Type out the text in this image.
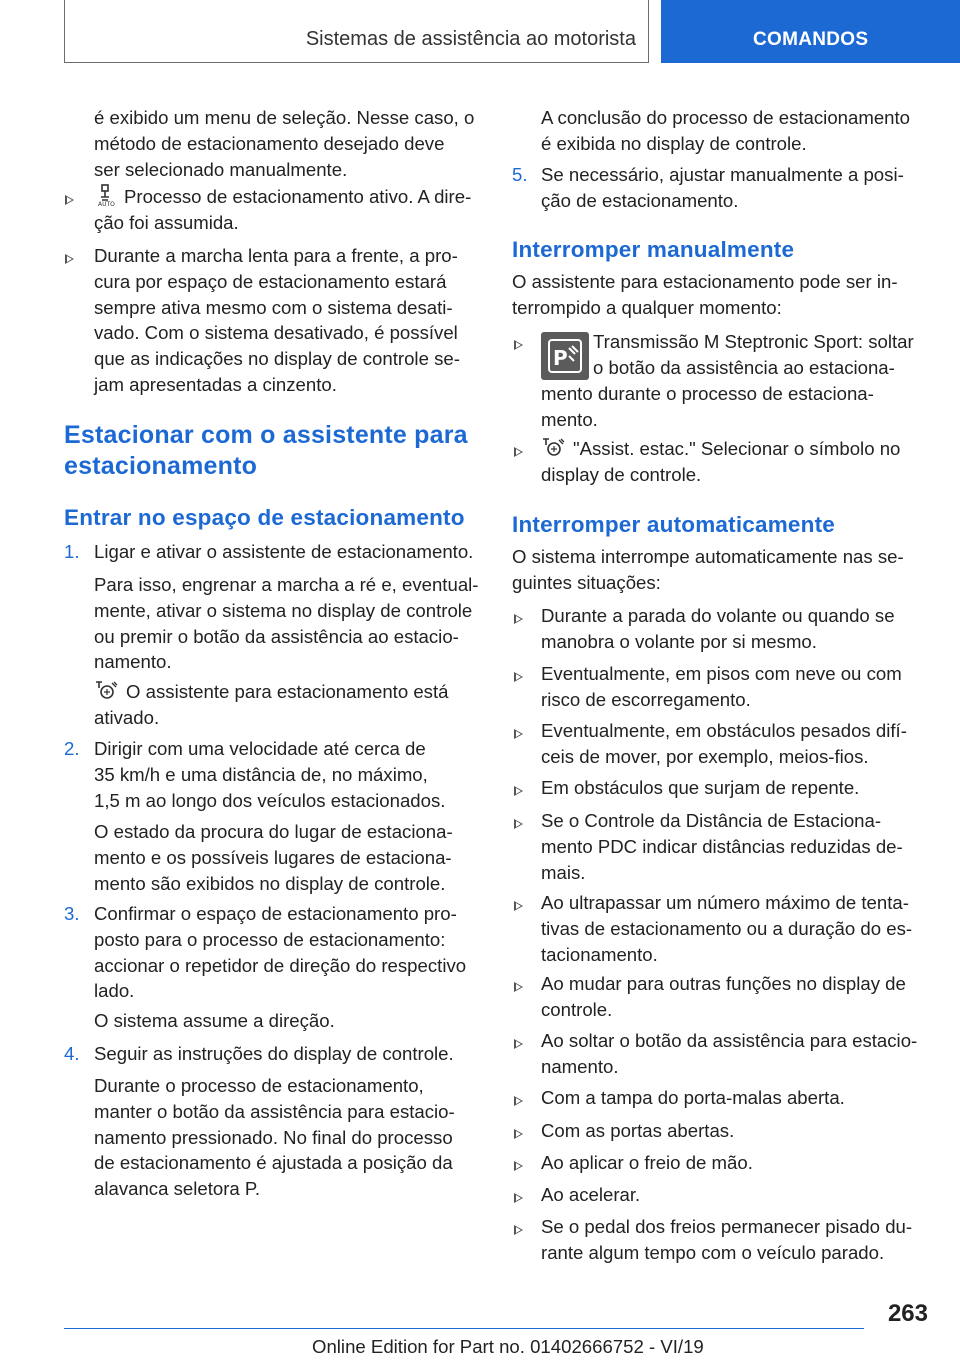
Sistemas de assistência ao motorista	COMANDOS
é exibido um menu de seleção. Nesse caso, o
método de estacionamento desejado deve
ser selecionado manualmente.
AUTO Processo de estacionamento ativo. A dire-
ção foi assumida.
Durante a marcha lenta para a frente, a pro-
cura por espaço de estacionamento estará
sempre ativa mesmo com o sistema desati-
vado. Com o sistema desativado, é possível
que as indicações no display de controle se-
jam apresentadas a cinzento.
Estacionar com o assistente para
estacionamento
Entrar no espaço de estacionamento
1. Ligar e ativar o assistente de estacionamento.
Para isso, engrenar a marcha a ré e, eventual-
mente, ativar o sistema no display de controle
ou premir o botão da assistência ao estacio-
namento.
O assistente para estacionamento está
ativado.
2. Dirigir com uma velocidade até cerca de
35 km/h e uma distância de, no máximo,
1,5 m ao longo dos veículos estacionados.
O estado da procura do lugar de estaciona-
mento e os possíveis lugares de estaciona-
mento são exibidos no display de controle.
3. Confirmar o espaço de estacionamento pro-
posto para o processo de estacionamento:
accionar o repetidor de direção do respectivo
lado.
O sistema assume a direção.
4. Seguir as instruções do display de controle.
Durante o processo de estacionamento,
manter o botão da assistência para estacio-
namento pressionado. No final do processo
de estacionamento é ajustada a posição da
alavanca seletora P.
A conclusão do processo de estacionamento
é exibida no display de controle.
5. Se necessário, ajustar manualmente a posi-
ção de estacionamento.
Interromper manualmente
O assistente para estacionamento pode ser in-
terrompido a qualquer momento:
P
Transmissão M Steptronic Sport: soltar
o botão da assistência ao estaciona-
mento durante o processo de estaciona-
mento.
"Assist. estac." Selecionar o símbolo no
display de controle.
Interromper automaticamente
O sistema interrompe automaticamente nas se-
guintes situações:
Durante a parada do volante ou quando se
manobra o volante por si mesmo.
Eventualmente, em pisos com neve ou com
risco de escorregamento.
Eventualmente, em obstáculos pesados difí-
ceis de mover, por exemplo, meios-fios.
Em obstáculos que surjam de repente.
Se o Controle da Distância de Estaciona-
mento PDC indicar distâncias reduzidas de-
mais.
Ao ultrapassar um número máximo de tenta-
tivas de estacionamento ou a duração do es-
tacionamento.
Ao mudar para outras funções no display de
controle.
Ao soltar o botão da assistência para estacio-
namento.
Com a tampa do porta-malas aberta.
Com as portas abertas.
Ao aplicar o freio de mão.
Ao acelerar.
Se o pedal dos freios permanecer pisado du-
rante algum tempo com o veículo parado.
263
Online Edition for Part no. 01402666752 - VI/19
